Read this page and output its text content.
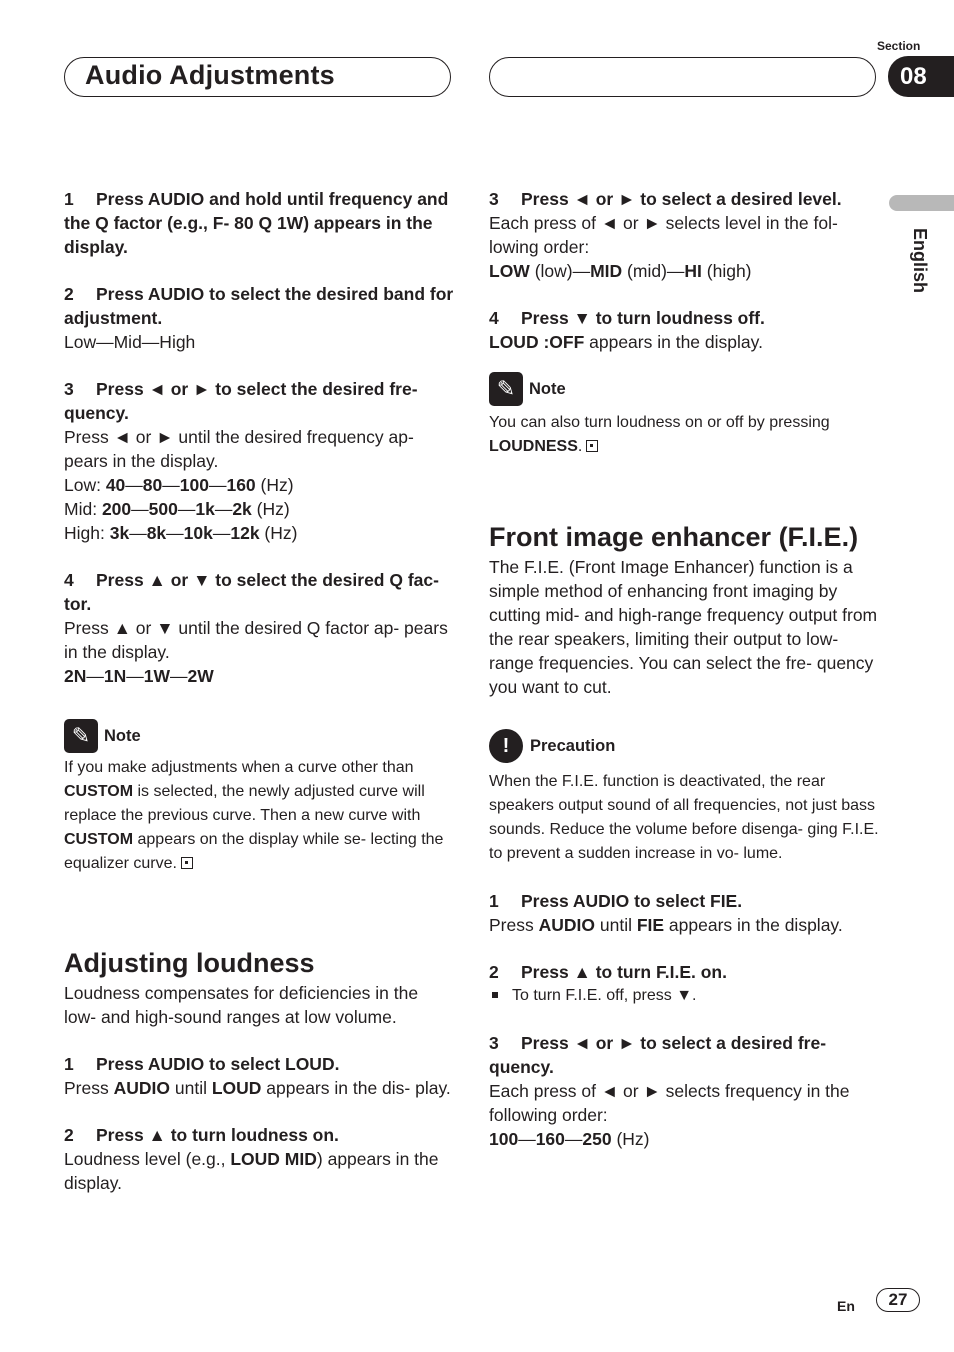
Audio Adjustments
Section
08
English

1 Press AUDIO and hold until frequency and the Q factor (e.g., F- 80 Q 1W) appears in the display.

2 Press AUDIO to select the desired band for adjustment.

Low—Mid—High

3 Press ◄ or ► to select the desired fre- quency.

Press ◄ or ► until the desired frequency ap- pears in the display.

Low: 40—80—100—160 (Hz)

Mid: 200—500—1k—2k (Hz)

High: 3k—8k—10k—12k (Hz)

4 Press ▲ or ▼ to select the desired Q fac- tor.

Press ▲ or ▼ until the desired Q factor ap- pears in the display.

2N—1N—1W—2W

✎ Note

If you make adjustments when a curve other than CUSTOM is selected, the newly adjusted curve will replace the previous curve. Then a new curve with CUSTOM appears on the display while se- lecting the equalizer curve.

Adjusting loudness

Loudness compensates for deficiencies in the low- and high-sound ranges at low volume.

1 Press AUDIO to select LOUD.

Press AUDIO until LOUD appears in the dis- play.

2 Press ▲ to turn loudness on.

Loudness level (e.g., LOUD MID) appears in the display.

3 Press ◄ or ► to select a desired level.

Each press of ◄ or ► selects level in the fol- lowing order:

LOW (low)—MID (mid)—HI (high)

4 Press ▼ to turn loudness off.

LOUD :OFF appears in the display.

✎ Note

You can also turn loudness on or off by pressing LOUDNESS.

Front image enhancer (F.I.E.)

The F.I.E. (Front Image Enhancer) function is a simple method of enhancing front imaging by cutting mid- and high-range frequency output from the rear speakers, limiting their output to low-range frequencies. You can select the fre- quency you want to cut.

!	Precaution

When the F.I.E. function is deactivated, the rear speakers output sound of all frequencies, not just bass sounds. Reduce the volume before disenga- ging F.I.E. to prevent a sudden increase in vo- lume.

1 Press AUDIO to select FIE.

Press AUDIO until FIE appears in the display.

2 Press ▲ to turn F.I.E. on.

To turn F.I.E. off, press ▼.

3 Press ◄ or ► to select a desired fre- quency.

Each press of ◄ or ► selects frequency in the following order:

100—160—250 (Hz)

En	27
